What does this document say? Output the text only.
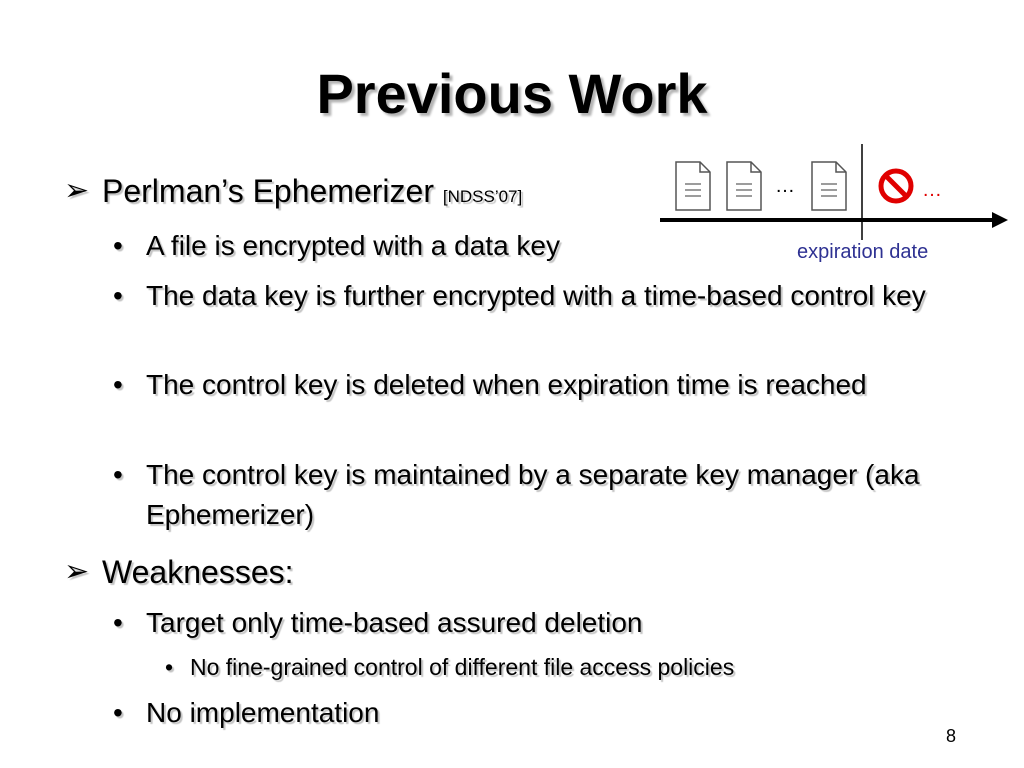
Previous Work
…	…
expiration date
➢ Perlman’s Ephemerizer [NDSS’07]
• A file is encrypted with a data key
• The data key is further encrypted with a time-based control key
• The control key is deleted when expiration time is reached
• The control key is maintained by a separate key manager (aka Ephemerizer)
➢ Weaknesses:
• Target only time-based assured deletion
• No fine-grained control of different file access policies
• No implementation
8
